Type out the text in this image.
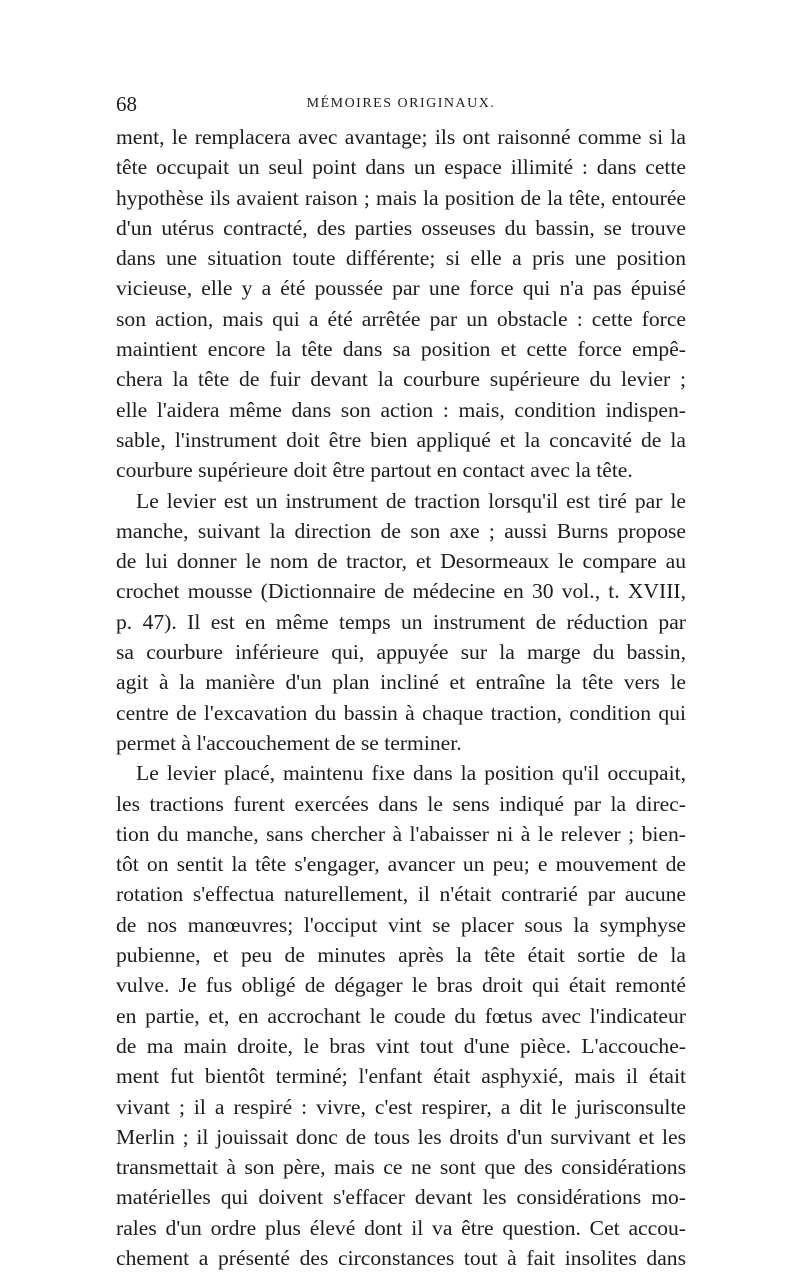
68	MÉMOIRES ORIGINAUX.

ment, le remplacera avec avantage; ils ont raisonné comme si la
tête occupait un seul point dans un espace illimité : dans cette
hypothèse ils avaient raison ; mais la position de la tête, entourée
d'un utérus contracté, des parties osseuses du bassin, se trouve
dans une situation toute différente; si elle a pris une position
vicieuse, elle y a été poussée par une force qui n'a pas épuisé
son action, mais qui a été arrêtée par un obstacle : cette force
maintient encore la tête dans sa position et cette force empê-
chera la tête de fuir devant la courbure supérieure du levier ;
elle l'aidera même dans son action : mais, condition indispen-
sable, l'instrument doit être bien appliqué et la concavité de la
courbure supérieure doit être partout en contact avec la tête.

Le levier est un instrument de traction lorsqu'il est tiré par le
manche, suivant la direction de son axe ; aussi Burns propose
de lui donner le nom de tractor, et Desormeaux le compare au
crochet mousse (Dictionnaire de médecine en 30 vol., t. XVIII,
p. 47). Il est en même temps un instrument de réduction par
sa courbure inférieure qui, appuyée sur la marge du bassin,
agit à la manière d'un plan incliné et entraîne la tête vers le
centre de l'excavation du bassin à chaque traction, condition qui
permet à l'accouchement de se terminer.

Le levier placé, maintenu fixe dans la position qu'il occupait,
les tractions furent exercées dans le sens indiqué par la direc-
tion du manche, sans chercher à l'abaisser ni à le relever ; bien-
tôt on sentit la tête s'engager, avancer un peu; e mouvement de
rotation s'effectua naturellement, il n'était contrarié par aucune
de nos manœuvres; l'occiput vint se placer sous la symphyse
pubienne, et peu de minutes après la tête était sortie de la
vulve. Je fus obligé de dégager le bras droit qui était remonté
en partie, et, en accrochant le coude du fœtus avec l'indicateur
de ma main droite, le bras vint tout d'une pièce. L'accouche-
ment fut bientôt terminé; l'enfant était asphyxié, mais il était
vivant ; il a respiré : vivre, c'est respirer, a dit le jurisconsulte
Merlin ; il jouissait donc de tous les droits d'un survivant et les
transmettait à son père, mais ce ne sont que des considérations
matérielles qui doivent s'effacer devant les considérations mo-
rales d'un ordre plus élevé dont il va être question. Cet accou-
chement a présenté des circonstances tout à fait insolites dans
